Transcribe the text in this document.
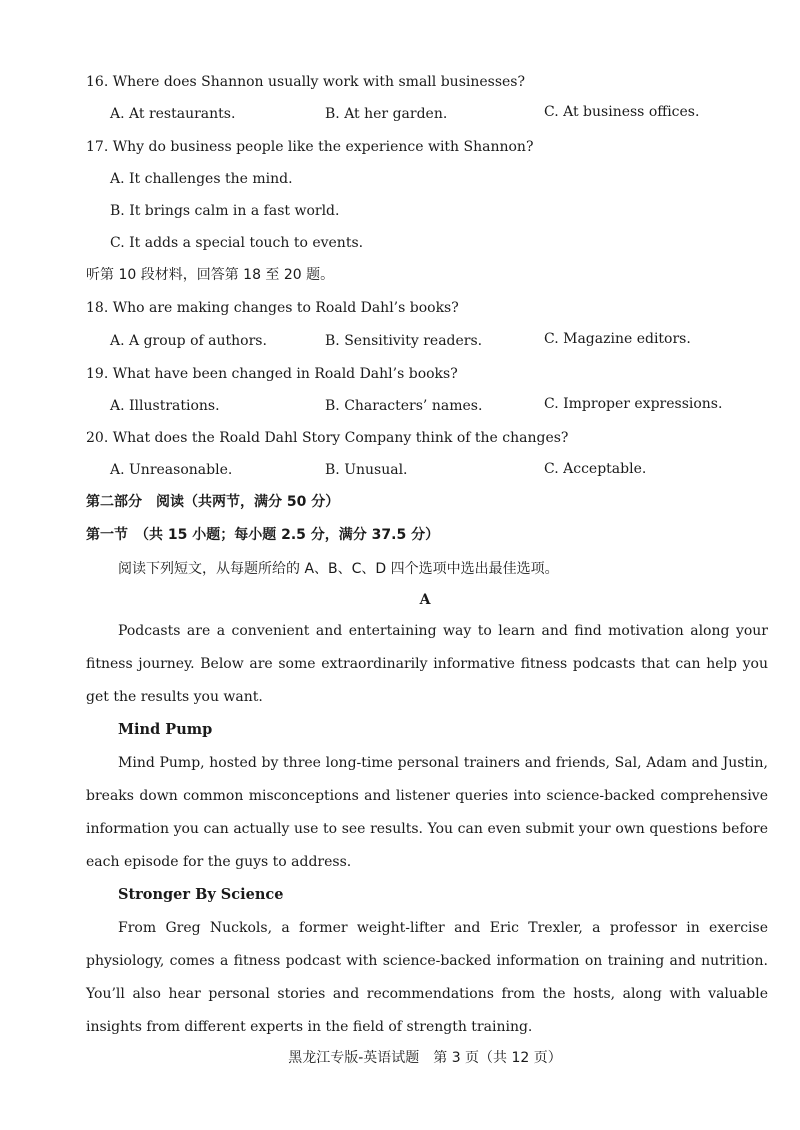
16. Where does Shannon usually work with small businesses?

A. At restaurants.	B. At her garden.	C. At business offices.

17. Why do business people like the experience with Shannon?

A. It challenges the mind.

B. It brings calm in a fast world.

C. It adds a special touch to events.

听第 10 段材料，回答第 18 至 20 题。

18. Who are making changes to Roald Dahl’s books?

A. A group of authors.	B. Sensitivity readers.	C. Magazine editors.

19. What have been changed in Roald Dahl’s books?

A. Illustrations.	B. Characters’ names.	C. Improper expressions.

20. What does the Roald Dahl Story Company think of the changes?

A. Unreasonable.	B. Unusual.	C. Acceptable.

第二部分　阅读（共两节，满分 50 分）

第一节　（共 15 小题；每小题 2.5 分，满分 37.5 分）

阅读下列短文，从每题所给的 A、B、C、D 四个选项中选出最佳选项。

A

Podcasts are a convenient and entertaining way to learn and find motivation along your fitness journey. Below are some extraordinarily informative fitness podcasts that can help you get the results you want.

Mind Pump

Mind Pump, hosted by three long-time personal trainers and friends, Sal, Adam and Justin, breaks down common misconceptions and listener queries into science-backed comprehensive information you can actually use to see results. You can even submit your own questions before each episode for the guys to address.

Stronger By Science

From Greg Nuckols, a former weight-lifter and Eric Trexler, a professor in exercise physiology, comes a fitness podcast with science-backed information on training and nutrition. You’ll also hear personal stories and recommendations from the hosts, along with valuable insights from different experts in the field of strength training.

黑龙江专版-英语试题　第 3 页（共 12 页）
